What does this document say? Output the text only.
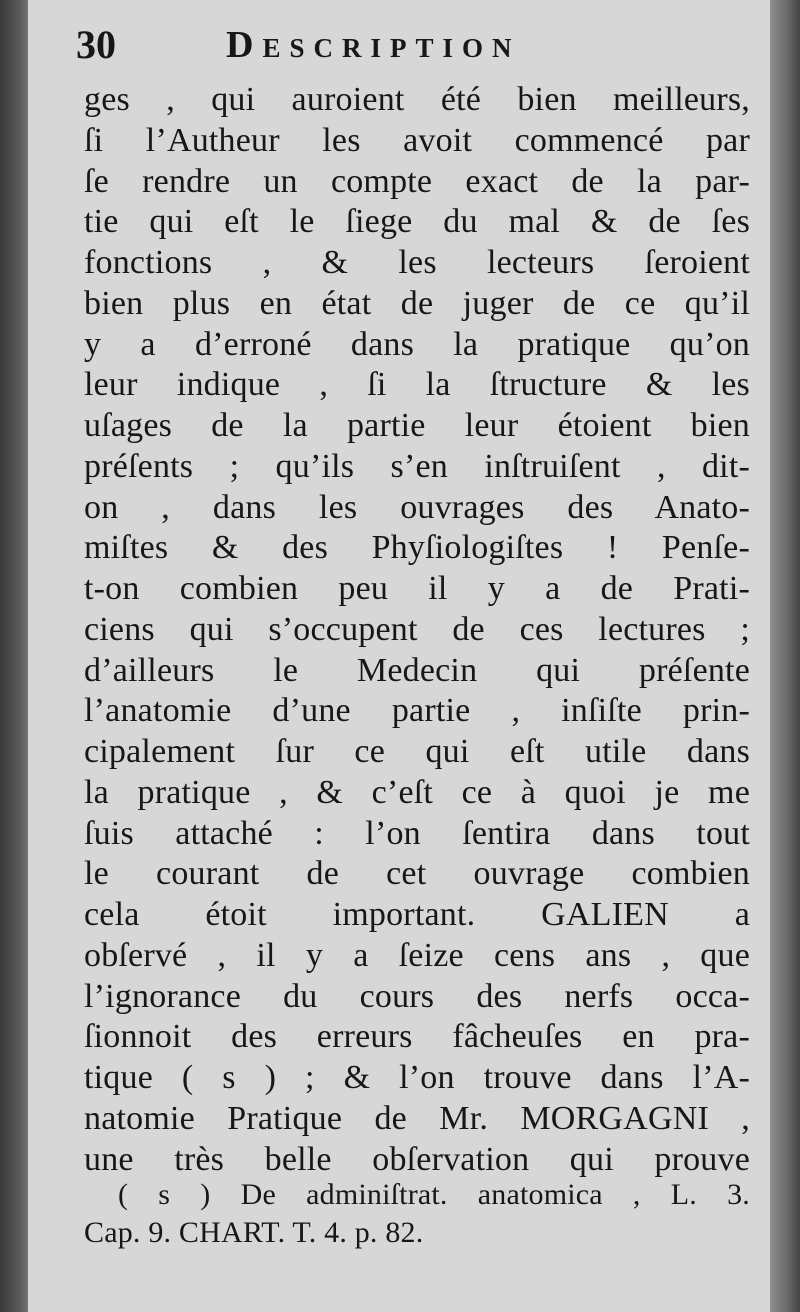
30	Description
ges , qui auroient été bien meilleurs,
ſi l’Autheur les avoit commencé par
ſe rendre un compte exact de la par-
tie qui eſt le ſiege du mal & de ſes
fonctions , & les lecteurs ſeroient
bien plus en état de juger de ce qu’il
y a d’erroné dans la pratique qu’on
leur indique , ſi la ſtructure & les
uſages de la partie leur étoient bien
préſents ; qu’ils s’en inſtruiſent , dit-
on , dans les ouvrages des Anato-
miſtes & des Phyſiologiſtes ! Penſe-
t-on combien peu il y a de Prati-
ciens qui s’occupent de ces lectures ;
d’ailleurs le Medecin qui préſente
l’anatomie d’une partie , inſiſte prin-
cipalement ſur ce qui eſt utile dans
la pratique , & c’eſt ce à quoi je me
ſuis attaché : l’on ſentira dans tout
le courant de cet ouvrage combien
cela étoit important. GALIEN a
obſervé , il y a ſeize cens ans , que
l’ignorance du cours des nerfs occa-
ſionnoit des erreurs fâcheuſes en pra-
tique ( s ) ; & l’on trouve dans l’A-
natomie Pratique de Mr. MORGAGNI ,
une très belle obſervation qui prouve
( s ) De adminiſtrat. anatomica , L. 3.
Cap. 9. CHART. T. 4. p. 82.
